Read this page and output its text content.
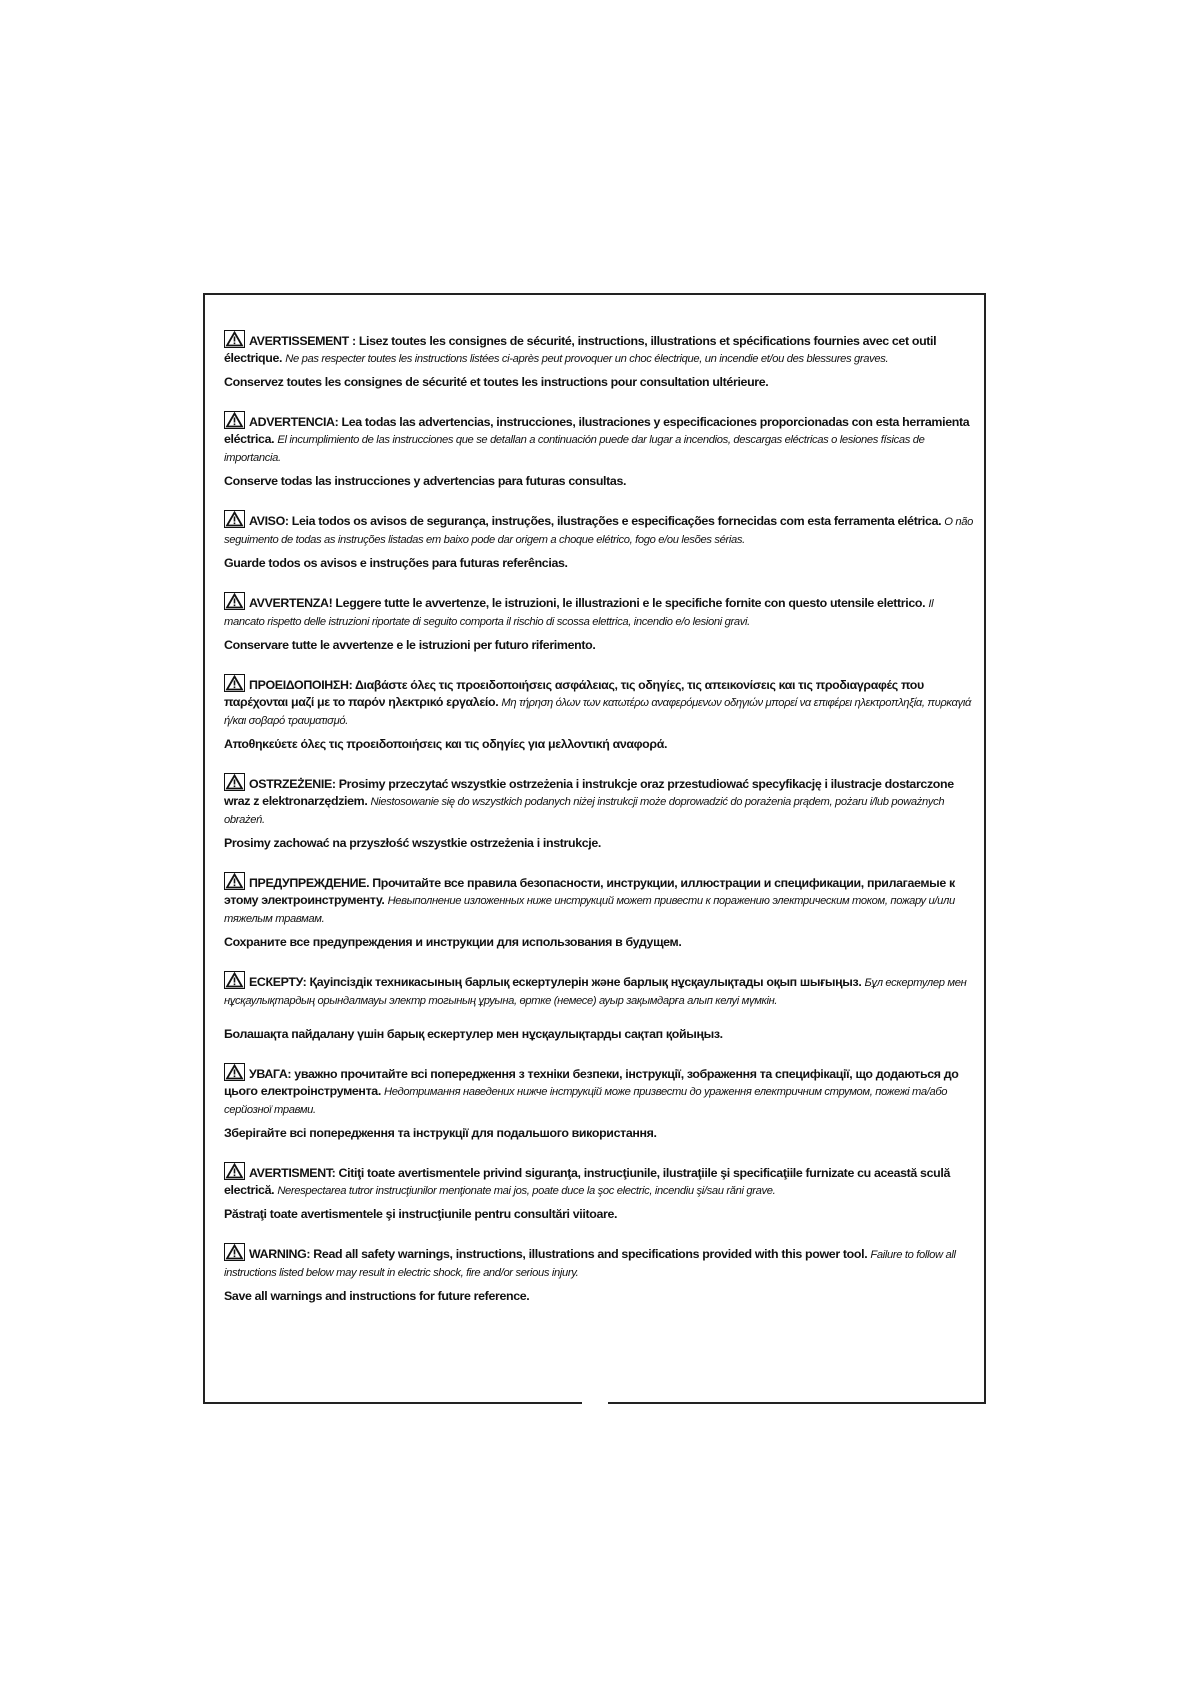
AVERTISSEMENT : Lisez toutes les consignes de sécurité, instructions, illustrations et spécifications fournies avec cet outil électrique. Ne pas respecter toutes les instructions listées ci-après peut provoquer un choc électrique, un incendie et/ou des blessures graves.

Conservez toutes les consignes de sécurité et toutes les instructions pour consultation ultérieure.

ADVERTENCIA: Lea todas las advertencias, instrucciones, ilustraciones y especificaciones proporcionadas con esta herramienta eléctrica. El incumplimiento de las instrucciones que se detallan a continuación puede dar lugar a incendios, descargas eléctricas o lesiones físicas de importancia.

Conserve todas las instrucciones y advertencias para futuras consultas.

AVISO: Leia todos os avisos de segurança, instruções, ilustrações e especificações fornecidas com esta ferramenta elétrica. O não seguimento de todas as instruções listadas em baixo pode dar origem a choque elétrico, fogo e/ou lesões sérias.

Guarde todos os avisos e instruções para futuras referências.

AVVERTENZA! Leggere tutte le avvertenze, le istruzioni, le illustrazioni e le specifiche fornite con questo utensile elettrico. Il mancato rispetto delle istruzioni riportate di seguito comporta il rischio di scossa elettrica, incendio e/o lesioni gravi.

Conservare tutte le avvertenze e le istruzioni per futuro riferimento.

ΠΡΟΕΙΔΟΠΟΙΗΣΗ: Διαβάστε όλες τις προειδοποιήσεις ασφάλειας, τις οδηγίες, τις απεικονίσεις και τις προδιαγραφές που παρέχονται μαζί με το παρόν ηλεκτρικό εργαλείο. Μη τήρηση όλων των κατωτέρω αναφερόμενων οδηγιών μπορεί να επιφέρει ηλεκτροπληξία, πυρκαγιά ή/και σοβαρό τραυματισμό.

Αποθηκεύετε όλες τις προειδοποιήσεις και τις οδηγίες για μελλοντική αναφορά.

OSTRZEŻENIE: Prosimy przeczytać wszystkie ostrzeżenia i instrukcje oraz przestudiować specyfikację i ilustracje dostarczone wraz z elektronarzędziem. Niestosowanie się do wszystkich podanych niżej instrukcji może doprowadzić do porażenia prądem, pożaru i/lub poważnych obrażeń.

Prosimy zachować na przyszłość wszystkie ostrzeżenia i instrukcje.

ПРЕДУПРЕЖДЕНИЕ. Прочитайте все правила безопасности, инструкции, иллюстрации и спецификации, прилагаемые к этому электроинструменту. Невыполнение изложенных ниже инструкций может привести к поражению электрическим током, пожару и/или тяжелым травмам.

Сохраните все предупреждения и инструкции для использования в будущем.

ЕСКЕРТУ: Қауіпсіздік техникасының барлық ескертулерін және барлық нұсқаулықтады оқып шығыңыз. Бұл ескертулер мен нұсқаулықтардың орындалмауы электр тогының ұруына, өртке (немесе) ауыр зақымдарға алып келуі мүмкін.

Болашақта пайдалану үшін барық ескертулер мен нұсқаулықтарды сақтап қойыңыз.

УВАГА: уважно прочитайте всі попередження з техніки безпеки, інструкції, зображення та специфікації, що додаються до цього електроінструмента. Недотримання наведених нижче інструкцій може призвести до ураження електричним струмом, пожежі та/або серйозної травми.

Зберігайте всі попередження та інструкції для подальшого використання.

AVERTISMENT: Citiţi toate avertismentele privind siguranţa, instrucţiunile, ilustraţiile şi specificaţiile furnizate cu această sculă electrică. Nerespectarea tutror instrucţiunilor menţionate mai jos, poate duce la şoc electric, incendiu şi/sau răni grave.

Păstraţi toate avertismentele şi instrucţiunile pentru consultări viitoare.

WARNING: Read all safety warnings, instructions, illustrations and specifications provided with this power tool. Failure to follow all instructions listed below may result in electric shock, fire and/or serious injury.

Save all warnings and instructions for future reference.
